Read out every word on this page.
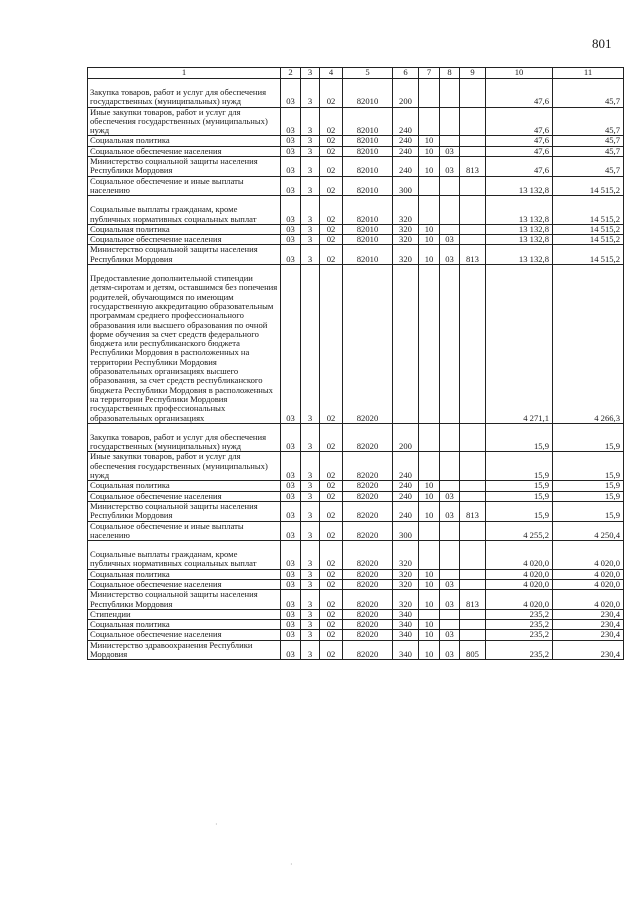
801
1	2	3	4	5	6	7	8	9	10	11
Закупка товаров, работ и услуг для обеспечения государственных (муниципальных) нужд	03	3	02	82010	200				47,6	45,7
Иные закупки товаров, работ и услуг для обеспечения государственных (муниципальных) нужд	03	3	02	82010	240				47,6	45,7
Социальная политика	03	3	02	82010	240	10			47,6	45,7
Социальное обеспечение населения	03	3	02	82010	240	10	03		47,6	45,7
Министерство социальной защиты населения Республики Мордовия	03	3	02	82010	240	10	03	813	47,6	45,7
Социальное обеспечение и иные выплаты населению	03	3	02	82010	300				13 132,8	14 515,2
Социальные выплаты гражданам, кроме публичных нормативных социальных выплат	03	3	02	82010	320				13 132,8	14 515,2
Социальная политика	03	3	02	82010	320	10			13 132,8	14 515,2
Социальное обеспечение населения	03	3	02	82010	320	10	03		13 132,8	14 515,2
Министерство социальной защиты населения Республики Мордовия	03	3	02	82010	320	10	03	813	13 132,8	14 515,2
Предоставление дополнительной стипендии детям-сиротам и детям, оставшимся без попечения родителей, обучающимся по имеющим государственную аккредитацию образовательным программам среднего профессионального образования или высшего образования по очной форме обучения за счет средств федерального бюджета или республиканского бюджета Республики Мордовия в расположенных на территории Республики Мордовия образовательных организациях высшего образования, за счет средств республиканского бюджета Республики Мордовия в расположенных на территории Республики Мордовия государственных профессиональных образовательных организациях	03	3	02	82020					4 271,1	4 266,3
Закупка товаров, работ и услуг для обеспечения государственных (муниципальных) нужд	03	3	02	82020	200				15,9	15,9
Иные закупки товаров, работ и услуг для обеспечения государственных (муниципальных) нужд	03	3	02	82020	240				15,9	15,9
Социальная политика	03	3	02	82020	240	10			15,9	15,9
Социальное обеспечение населения	03	3	02	82020	240	10	03		15,9	15,9
Министерство социальной защиты населения Республики Мордовия	03	3	02	82020	240	10	03	813	15,9	15,9
Социальное обеспечение и иные выплаты населению	03	3	02	82020	300				4 255,2	4 250,4
Социальные выплаты гражданам, кроме публичных нормативных социальных выплат	03	3	02	82020	320				4 020,0	4 020,0
Социальная политика	03	3	02	82020	320	10			4 020,0	4 020,0
Социальное обеспечение населения	03	3	02	82020	320	10	03		4 020,0	4 020,0
Министерство социальной защиты населения Республики Мордовия	03	3	02	82020	320	10	03	813	4 020,0	4 020,0
Стипендии	03	3	02	82020	340				235,2	230,4
Социальная политика	03	3	02	82020	340	10			235,2	230,4
Социальное обеспечение населения	03	3	02	82020	340	10	03		235,2	230,4
Министерство здравоохранения Республики Мордовия	03	3	02	82020	340	10	03	805	235,2	230,4
·
·
